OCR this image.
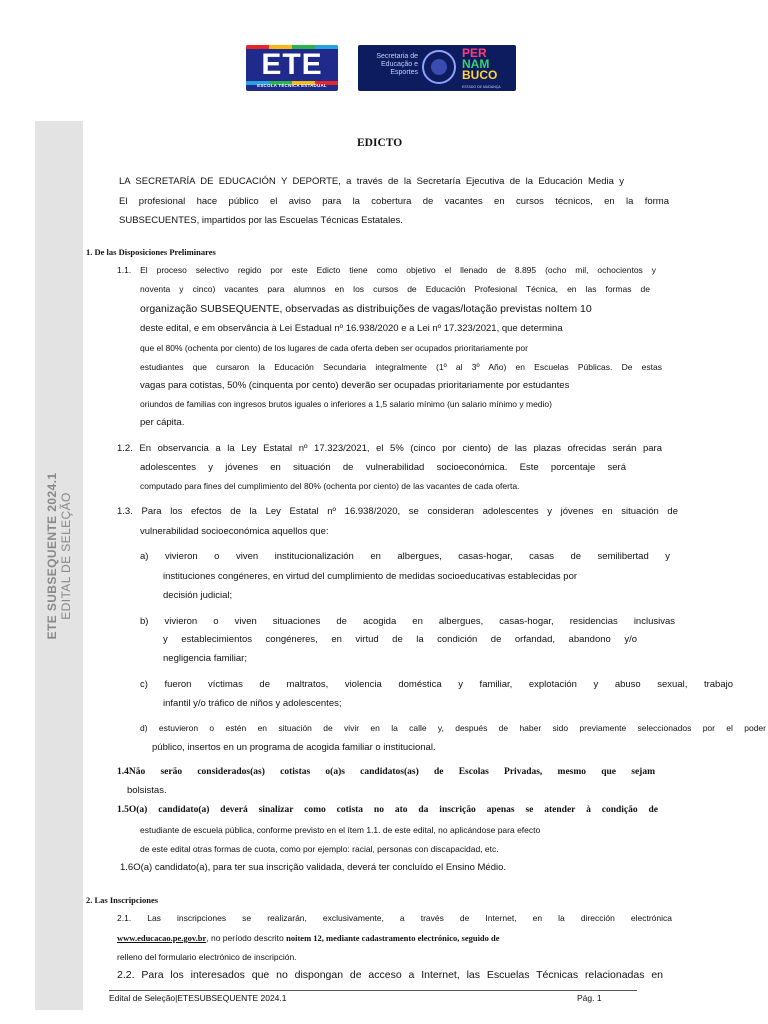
ETE
ESCOLA TÉCNICA ESTADUAL
Secretaria de Educação e Esportes
PER
NAM
BUCO
ESTADO DE MUDANÇA
ETE SUBSEQUENTE 2024.1 EDITAL DE SELEÇÃO
EDICTO
LA SECRETARÍA DE EDUCACIÓN Y DEPORTE, a través de la Secretaría Ejecutiva de la Educación Media y
El profesional hace público el aviso para la cobertura de vacantes en cursos técnicos, en la forma
SUBSECUENTES, impartidos por las Escuelas Técnicas Estatales.
1. De las Disposiciones Preliminares
1.1. El proceso selectivo regido por este Edicto tiene como objetivo el llenado de 8.895 (ocho mil, ochocientos y
noventa y cinco) vacantes para alumnos en los cursos de Educación Profesional Técnica, en las formas de
organização SUBSEQUENTE, observadas as distribuições de vagas/lotação previstas noItem 10
deste edital, e em observância à Lei Estadual nº 16.938/2020 e a Lei nº 17.323/2021, que determina
que el 80% (ochenta por ciento) de los lugares de cada oferta deben ser ocupados prioritariamente por
estudiantes que cursaron la Educación Secundaria integralmente (1º al 3º Año) en Escuelas Públicas. De estas
vagas para cotistas, 50% (cinquenta por cento) deverão ser ocupadas prioritariamente por estudantes
oriundos de familias con ingresos brutos iguales o inferiores a 1,5 salario mínimo (un salario mínimo y medio)
per cápita.
1.2. En observancia a la Ley Estatal nº 17.323/2021, el 5% (cinco por ciento) de las plazas ofrecidas serán para
adolescentes y jóvenes en situación de vulnerabilidad socioeconómica. Este porcentaje será
computado para fines del cumplimiento del 80% (ochenta por ciento) de las vacantes de cada oferta.
1.3. Para los efectos de la Ley Estatal nº 16.938/2020, se consideran adolescentes y jóvenes en situación de
vulnerabilidad socioeconómica aquellos que:
a) vivieron o viven institucionalización en albergues, casas-hogar, casas de semilibertad y
instituciones congéneres, en virtud del cumplimiento de medidas socioeducativas establecidas por
decisión judicial;
b) vivieron o viven situaciones de acogida en albergues, casas-hogar, residencias inclusivas
y establecimientos congéneres, en virtud de la condición de orfandad, abandono y/o
negligencia familiar;
c) fueron víctimas de maltratos, violencia doméstica y familiar, explotación y abuso sexual, trabajo
infantil y/o tráfico de niños y adolescentes;
d) estuvieron o estén en situación de vivir en la calle y, después de haber sido previamente seleccionados por el poder
público, insertos en un programa de acogida familiar o institucional.
1.4Não serão considerados(as) cotistas o(a)s candidatos(as) de Escolas Privadas, mesmo que sejam
bolsistas.
1.5O(a) candidato(a) deverá sinalizar como cotista no ato da inscrição apenas se atender à condição de
estudiante de escuela pública, conforme previsto en el ítem 1.1. de este edital, no aplicándose para efecto
de este edital otras formas de cuota, como por ejemplo: racial, personas con discapacidad, etc.
1.6O(a) candidato(a), para ter sua inscrição validada, deverá ter concluído el Ensino Médio.
2. Las Inscripciones
2.1. Las inscripciones se realizarán, exclusivamente, a través de Internet, en la dirección electrónica
www.educacao.pe.gov.br, no período descrito noitem 12, mediante cadastramento electrónico, seguido de
relleno del formulario electrónico de inscripción.
2.2. Para los interesados que no dispongan de acceso a Internet, las Escuelas Técnicas relacionadas en
Edital de Seleção|ETESUBSEQUENTE 2024.1	Pág. 1
